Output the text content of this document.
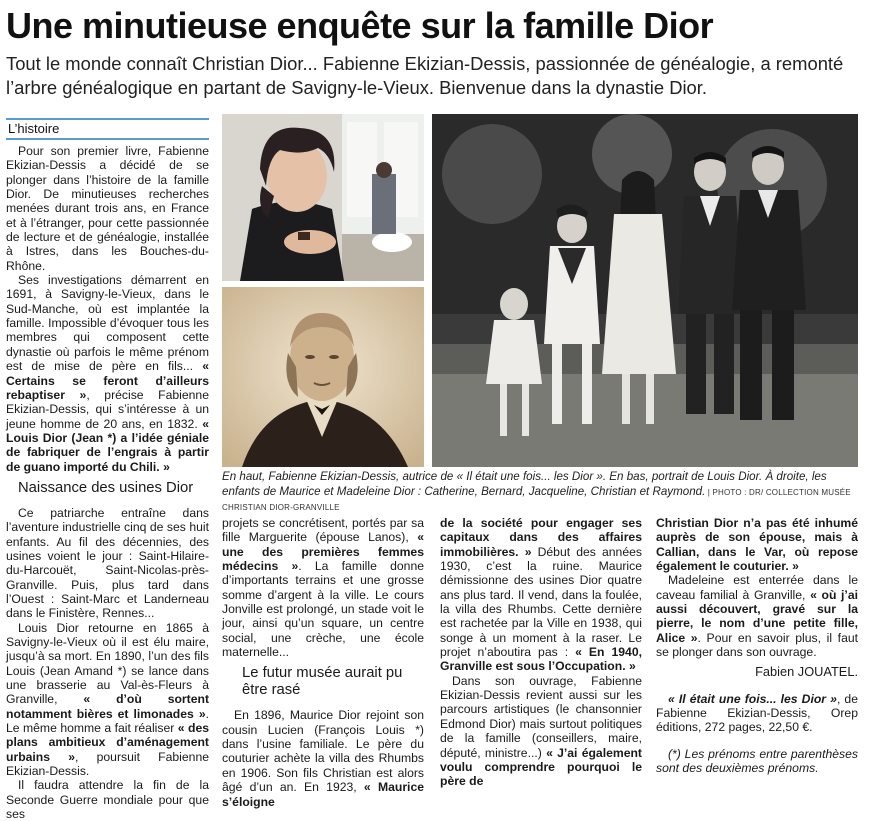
Une minutieuse enquête sur la famille Dior

Tout le monde connaît Christian Dior... Fabienne Ekizian-Dessis, passionnée de généalogie, a remonté l’arbre généalogique en partant de Savigny-le-Vieux. Bienvenue dans la dynastie Dior.

L’histoire

Pour son premier livre, Fabienne Ekizian-Dessis a décidé de se plonger dans l’histoire de la famille Dior. De minutieuses recherches menées durant trois ans, en France et à l’étranger, pour cette passionnée de lecture et de généalogie, installée à Istres, dans les Bouches-du-Rhône.

Ses investigations démarrent en 1691, à Savigny-le-Vieux, dans le Sud-Manche, où est implantée la famille. Impossible d’évoquer tous les membres qui composent cette dynastie où parfois le même prénom est de mise de père en fils... « Certains se feront d’ailleurs rebaptiser », précise Fabienne Ekizian-Dessis, qui s’intéresse à un jeune homme de 20 ans, en 1832. « Louis Dior (Jean *) a l’idée géniale de fabriquer de l’engrais à partir de guano importé du Chili. »

Naissance des usines Dior

Ce patriarche entraîne dans l’aventure industrielle cinq de ses huit enfants. Au fil des décennies, des usines voient le jour : Saint-Hilaire-du-Harcouët, Saint-Nicolas-près-Granville. Puis, plus tard dans l’Ouest : Saint-Marc et Landerneau dans le Finistère, Rennes...

Louis Dior retourne en 1865 à Savigny-le-Vieux où il est élu maire, jusqu’à sa mort. En 1890, l’un des fils Louis (Jean Amand *) se lance dans une brasserie au Val-ès-Fleurs à Granville, « d’où sortent notamment bières et limonades ». Le même homme a fait réaliser « des plans ambitieux d’aménagement urbains », poursuit Fabienne Ekizian-Dessis.

Il faudra attendre la fin de la Seconde Guerre mondiale pour que ses

En haut, Fabienne Ekizian-Dessis, autrice de « Il était une fois... les Dior ». En bas, portrait de Louis Dior. À droite, les enfants de Maurice et Madeleine Dior : Catherine, Bernard, Jacqueline, Christian et Raymond. | PHOTO : DR/ COLLECTION MUSÉE CHRISTIAN DIOR-GRANVILLE

projets se concrétisent, portés par sa fille Marguerite (épouse Lanos), « une des premières femmes médecins ». La famille donne d’importants terrains et une grosse somme d’argent à la ville. Le cours Jonville est prolongé, un stade voit le jour, ainsi qu’un square, un centre social, une crèche, une école maternelle...

Le futur musée aurait pu être rasé

En 1896, Maurice Dior rejoint son cousin Lucien (François Louis *) dans l’usine familiale. Le père du couturier achète la villa des Rhumbs en 1906. Son fils Christian est alors âgé d’un an. En 1923, « Maurice s’éloigne

de la société pour engager ses capitaux dans des affaires immobilières. » Début des années 1930, c’est la ruine. Maurice démissionne des usines Dior quatre ans plus tard. Il vend, dans la foulée, la villa des Rhumbs. Cette dernière est rachetée par la Ville en 1938, qui songe à un moment à la raser. Le projet n’aboutira pas : « En 1940, Granville est sous l’Occupation. »

Dans son ouvrage, Fabienne Ekizian-Dessis revient aussi sur les parcours artistiques (le chansonnier Edmond Dior) mais surtout politiques de la famille (conseillers, maire, député, ministre...) « J’ai également voulu comprendre pourquoi le père de

Christian Dior n’a pas été inhumé auprès de son épouse, mais à Callian, dans le Var, où repose également le couturier. »

Madeleine est enterrée dans le caveau familial à Granville, « où j’ai aussi découvert, gravé sur la pierre, le nom d’une petite fille, Alice ». Pour en savoir plus, il faut se plonger dans son ouvrage.

Fabien JOUATEL.

« Il était une fois... les Dior », de Fabienne Ekizian-Dessis, Orep éditions, 272 pages, 22,50 €.

(*) Les prénoms entre parenthèses sont des deuxièmes prénoms.
